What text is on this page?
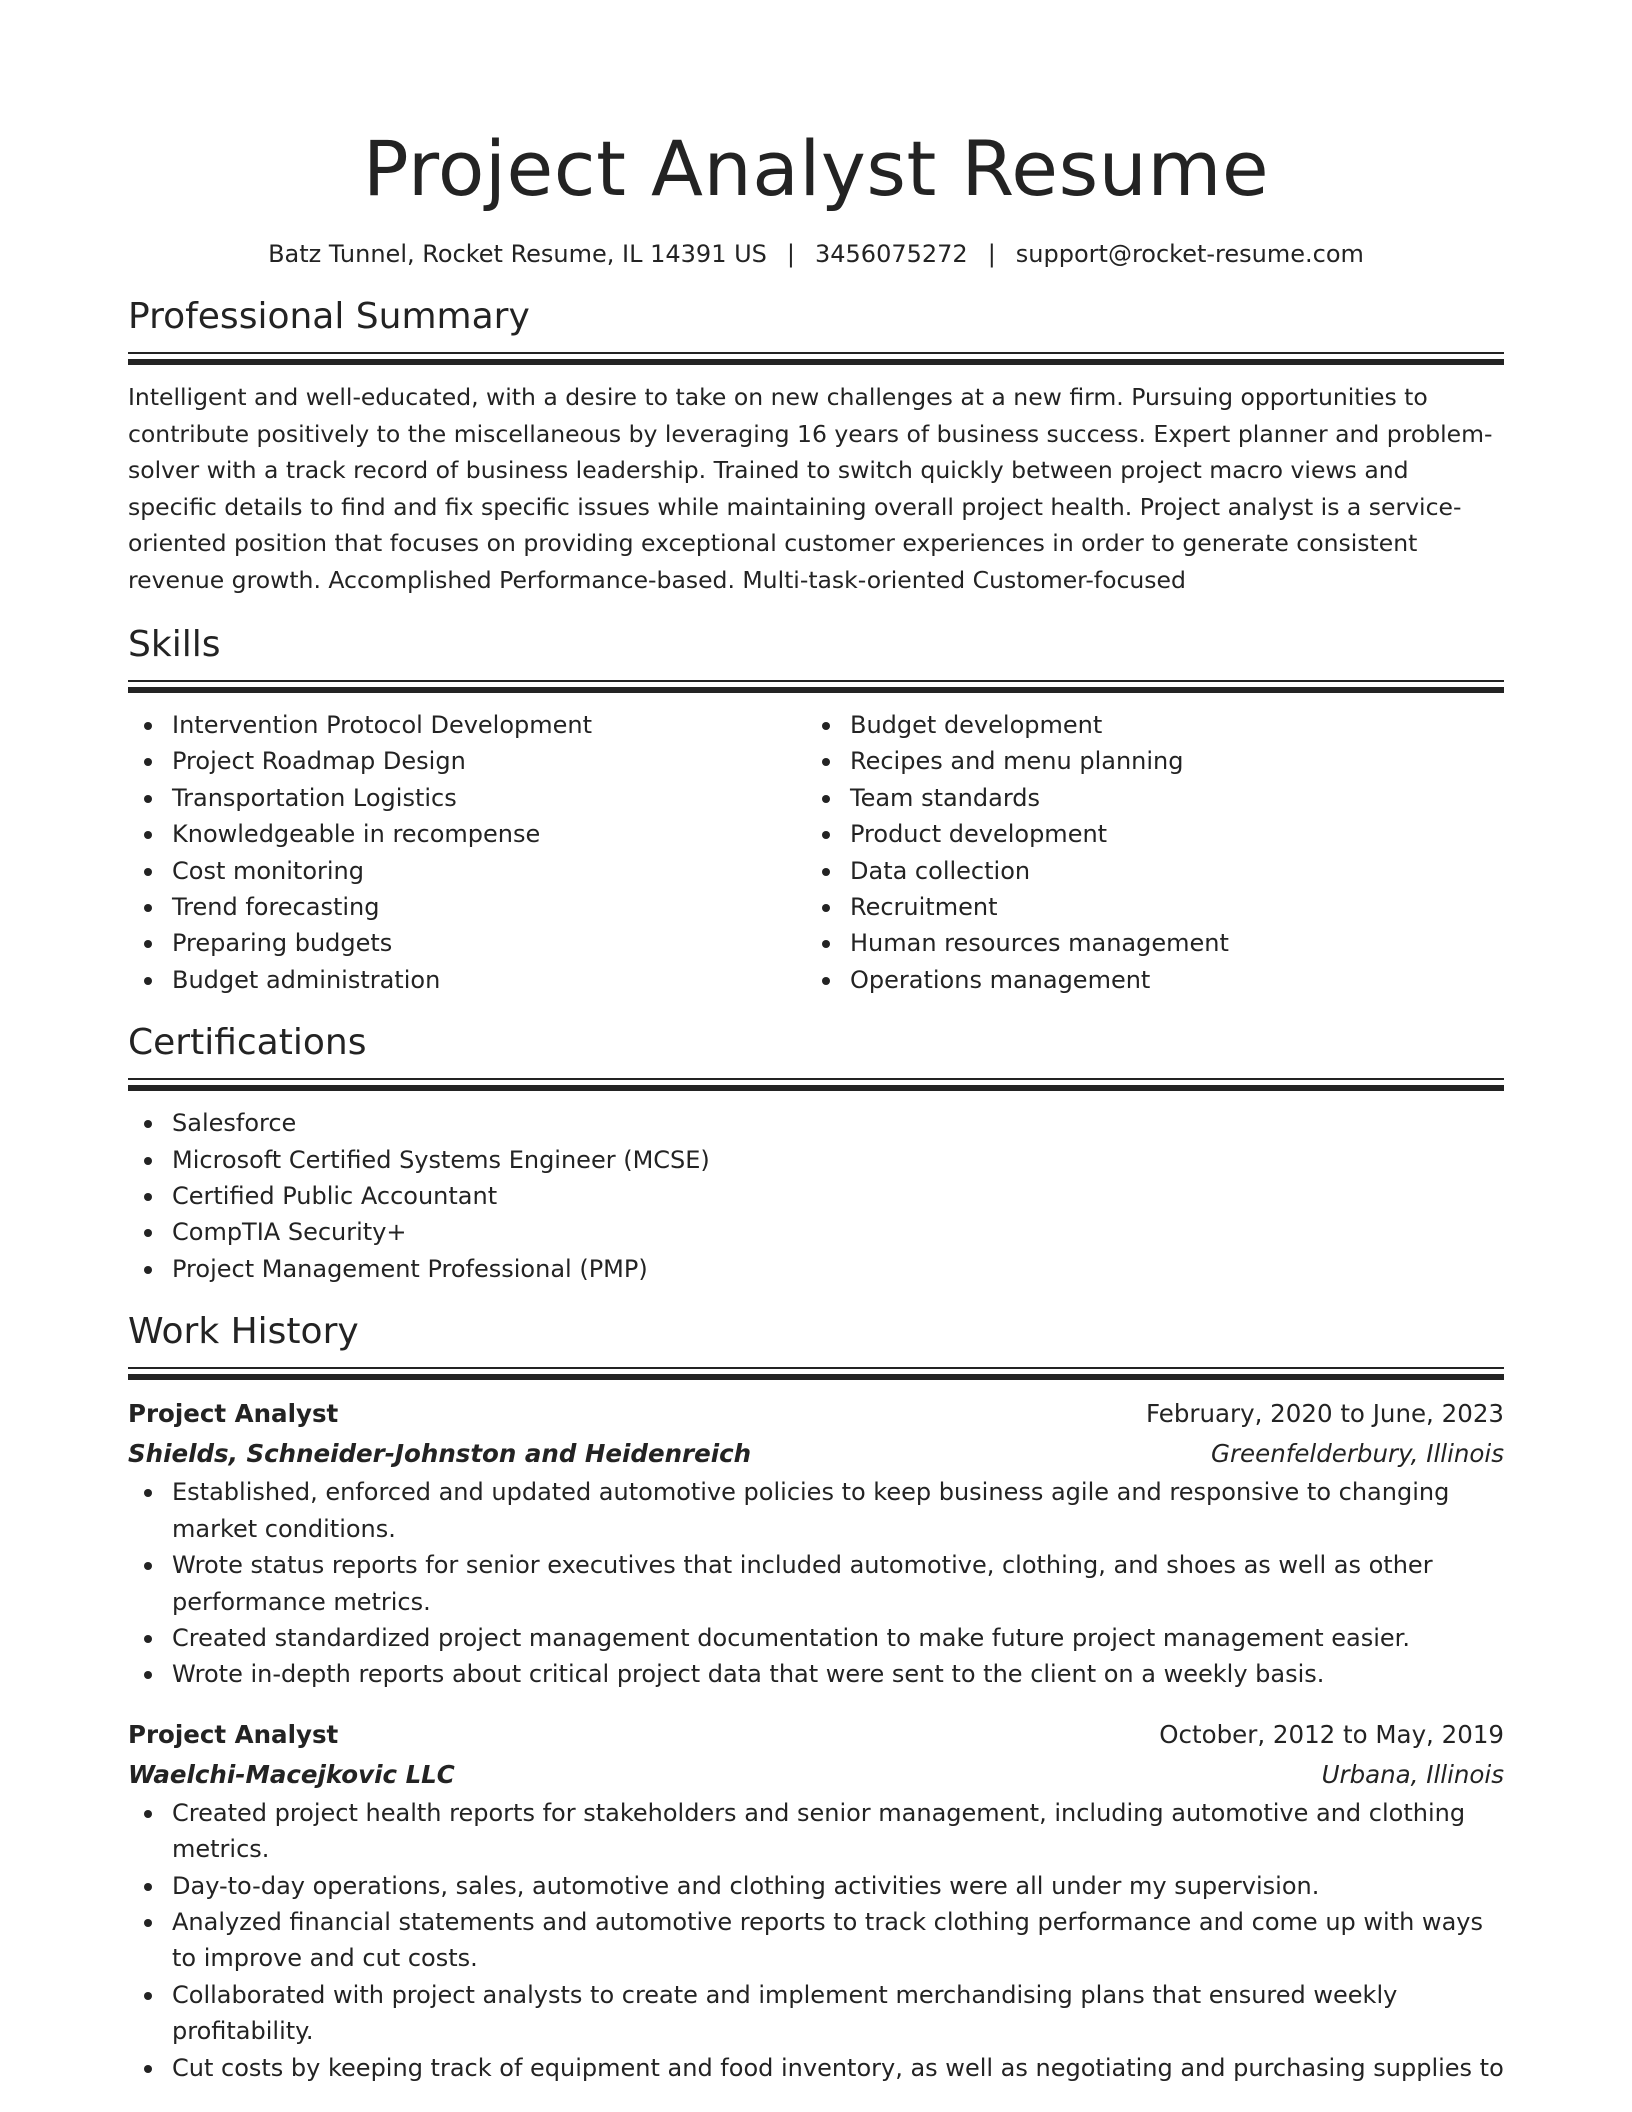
Project Analyst Resume
Batz Tunnel, Rocket Resume, IL 14391 US | 3456075272 | support@rocket-resume.com
Professional Summary

Intelligent and well-educated, with a desire to take on new challenges at a new firm. Pursuing opportunities to contribute positively to the miscellaneous by leveraging 16 years of business success. Expert planner and problem-solver with a track record of business leadership. Trained to switch quickly between project macro views and specific details to find and fix specific issues while maintaining overall project health. Project analyst is a service-oriented position that focuses on providing exceptional customer experiences in order to generate consistent revenue growth. Accomplished Performance-based. Multi-task-oriented Customer-focused

Skills
Intervention Protocol Development
Project Roadmap Design
Transportation Logistics
Knowledgeable in recompense
Cost monitoring
Trend forecasting
Preparing budgets
Budget administration
Budget development
Recipes and menu planning
Team standards
Product development
Data collection
Recruitment
Human resources management
Operations management
Certifications
Salesforce
Microsoft Certified Systems Engineer (MCSE)
Certified Public Accountant
CompTIA Security+
Project Management Professional (PMP)
Work History
Project Analyst	February, 2020 to June, 2023
Shields, Schneider-Johnston and Heidenreich	Greenfelderbury, Illinois
Established, enforced and updated automotive policies to keep business agile and responsive to changing market conditions.
Wrote status reports for senior executives that included automotive, clothing, and shoes as well as other performance metrics.
Created standardized project management documentation to make future project management easier.
Wrote in-depth reports about critical project data that were sent to the client on a weekly basis.
Project Analyst	October, 2012 to May, 2019
Waelchi-Macejkovic LLC	Urbana, Illinois
Created project health reports for stakeholders and senior management, including automotive and clothing metrics.
Day-to-day operations, sales, automotive and clothing activities were all under my supervision.
Analyzed financial statements and automotive reports to track clothing performance and come up with ways to improve and cut costs.
Collaborated with project analysts to create and implement merchandising plans that ensured weekly profitability.
Cut costs by keeping track of equipment and food inventory, as well as negotiating and purchasing supplies to
